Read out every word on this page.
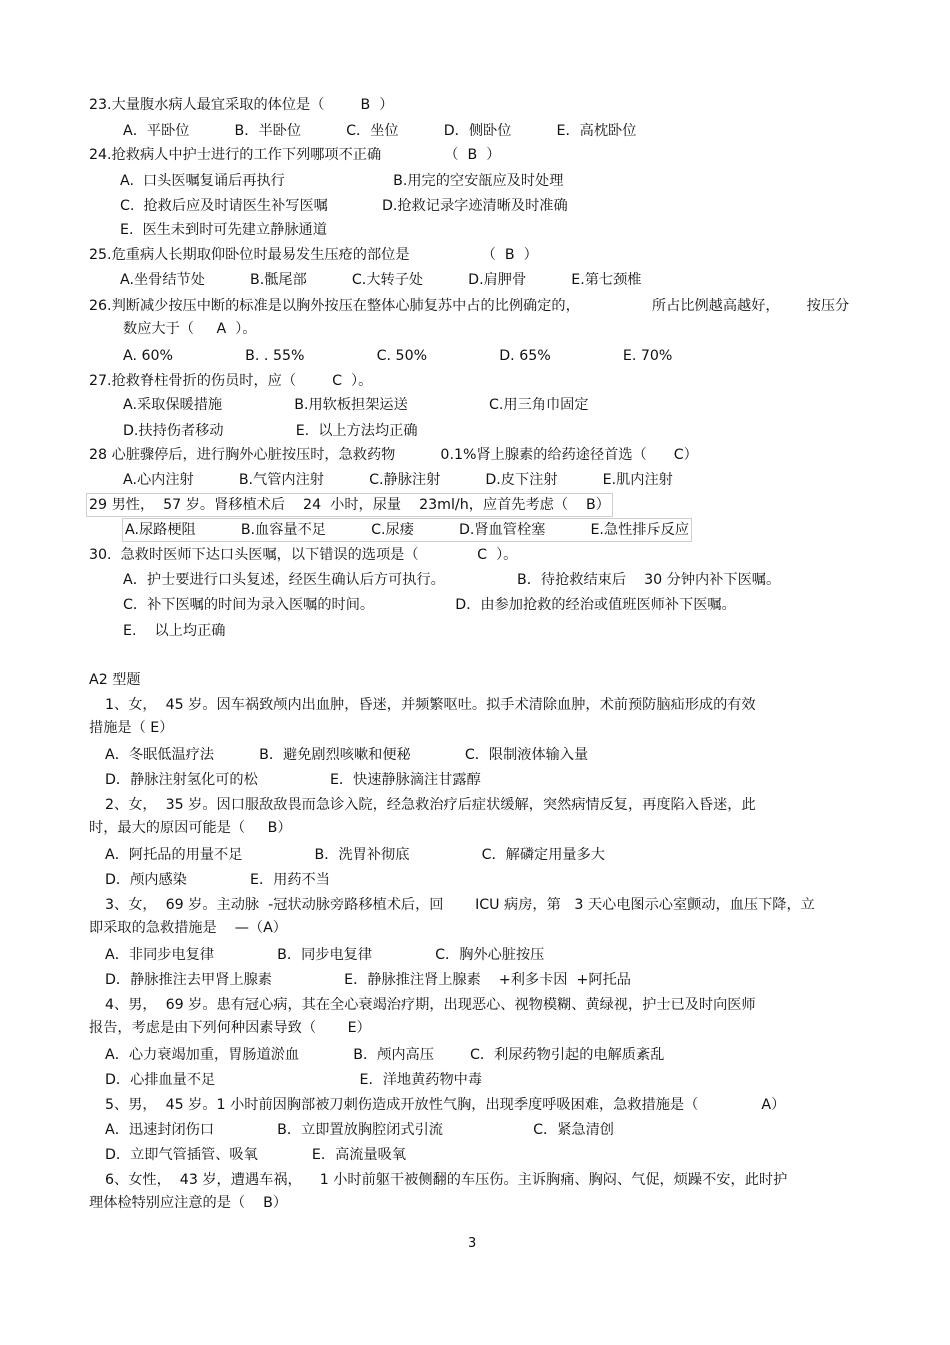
23.大量腹水病人最宜采取的体位是（        B  ）
A．平卧位          B．半卧位          C．坐位          D．侧卧位          E．高枕卧位
24.抢救病人中护士进行的工作下列哪项不正确              （  B  ）
A.  口头医嘱复诵后再执行                        B.用完的空安瓿应及时处理
C.  抢救后应及时请医生补写医嘱            D.抢救记录字迹清晰及时准确
E.  医生未到时可先建立静脉通道
25.危重病人长期取仰卧位时最易发生压疮的部位是                （  B  ）
A.坐骨结节处          B.骶尾部          C.大转子处          D.肩胛骨          E.第七颈椎
26.判断减少按压中断的标准是以胸外按压在整体心肺复苏中占的比例确定的，                所占比例越高越好，      按压分
数应大于（     A  ）。
A. 60%                B. . 55%                C. 50%                D. 65%                E. 70%
27.抢救脊柱骨折的伤员时，应（        C  ）。
A.采取保暖措施                B.用软板担架运送                  C.用三角巾固定
D.扶持伤者移动                E.  以上方法均正确
28 心脏骤停后，进行胸外心脏按压时，急救药物          0.1%肾上腺素的给药途径首选（      C）
A.心内注射          B.气管内注射          C.静脉注射          D.皮下注射          E.肌内注射
29 男性，  57 岁。肾移植术后    24  小时，尿量    23ml/h，应首先考虑（    B）
A.尿路梗阻          B.血容量不足          C.尿瘘          D.肾血管栓塞          E.急性排斥反应
30.  急救时医师下达口头医嘱，以下错误的选项是（             C  ）。
A．护士要进行口头复述，经医生确认后方可执行。                B．待抢救结束后    30 分钟内补下医嘱。
C．补下医嘱的时间为录入医嘱的时间。                  D．由参加抢救的经治或值班医师补下医嘱。
E.    以上均正确
A2 型题
1、女，  45 岁。因车祸致颅内出血肿，昏迷，并频繁呕吐。拟手术清除血肿，术前预防脑疝形成的有效
措施是（ E）
A．冬眠低温疗法          B．避免剧烈咳嗽和便秘            C．限制液体输入量
D．静脉注射氢化可的松                E．快速静脉滴注甘露醇
2、女，  35 岁。因口服敌敌畏而急诊入院，经急救治疗后症状缓解，突然病情反复，再度陷入昏迷，此
时，最大的原因可能是（     B）
A．阿托品的用量不足                B．洗胃补彻底                C．解磷定用量多大
D．颅内感染              E．用药不当
3、女，  69 岁。主动脉  -冠状动脉旁路移植术后，回       ICU 病房，第   3 天心电图示心室颤动，血压下降，立
即采取的急救措施是    —（A）
A．非同步电复律              B．同步电复律              C．胸外心脏按压
D．静脉推注去甲肾上腺素                E．静脉推注肾上腺素    +利多卡因  +阿托品
4、男，  69 岁。患有冠心病，其在全心衰竭治疗期，出现恶心、视物模糊、黄绿视，护士已及时向医师
报告，考虑是由下列何种因素导致（       E）
A．心力衰竭加重，胃肠道淤血            B．颅内高压        C．利尿药物引起的电解质紊乱
D．心排血量不足                                E．洋地黄药物中毒
5、男，  45 岁。1 小时前因胸部被刀刺伤造成开放性气胸，出现季度呼吸困难，急救措施是（              A）
A．迅速封闭伤口              B．立即置放胸腔闭式引流                    C．紧急清创
D．立即气管插管、吸氧            E．高流量吸氧
6、女性，  43 岁，遭遇车祸，    1 小时前躯干被侧翻的车压伤。主诉胸痛、胸闷、气促，烦躁不安，此时护
理体检特别应注意的是（    B）
3
